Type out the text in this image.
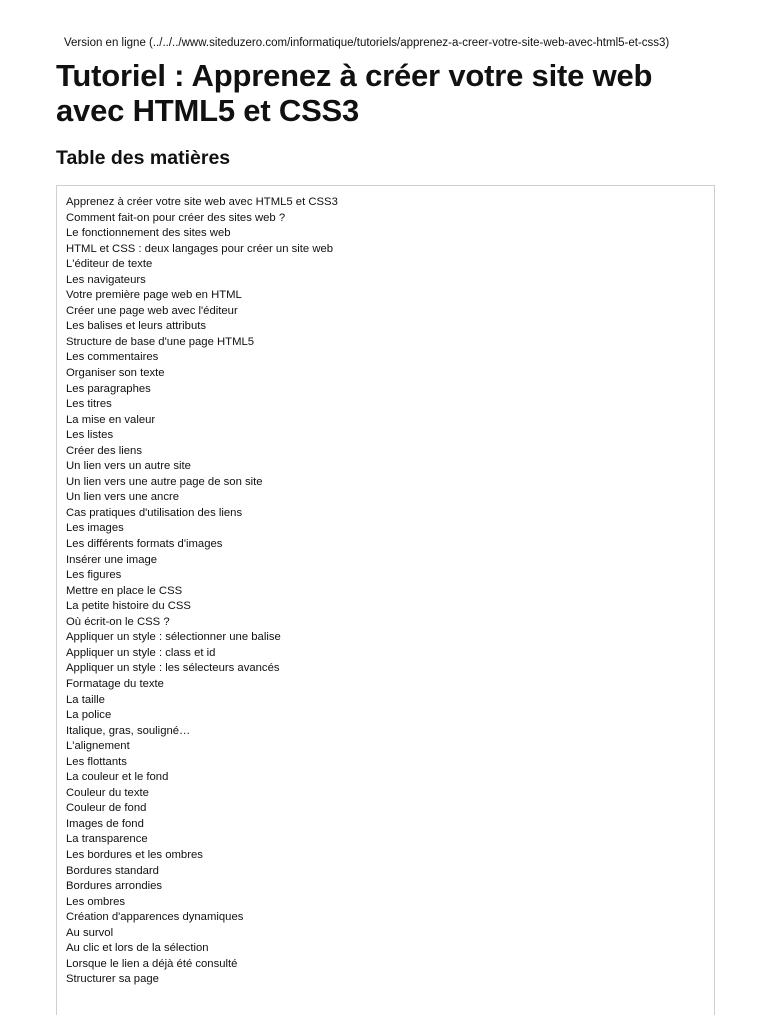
Version en ligne (../../../www.siteduzero.com/informatique/tutoriels/apprenez-a-creer-votre-site-web-avec-html5-et-css3)

Tutoriel : Apprenez à créer votre site web avec HTML5 et CSS3
Table des matières
Apprenez à créer votre site web avec HTML5 et CSS3
Comment fait-on pour créer des sites web ?
Le fonctionnement des sites web
HTML et CSS : deux langages pour créer un site web
L'éditeur de texte
Les navigateurs
Votre première page web en HTML
Créer une page web avec l'éditeur
Les balises et leurs attributs
Structure de base d'une page HTML5
Les commentaires
Organiser son texte
Les paragraphes
Les titres
La mise en valeur
Les listes
Créer des liens
Un lien vers un autre site
Un lien vers une autre page de son site
Un lien vers une ancre
Cas pratiques d'utilisation des liens
Les images
Les différents formats d'images
Insérer une image
Les figures
Mettre en place le CSS
La petite histoire du CSS
Où écrit-on le CSS ?
Appliquer un style : sélectionner une balise
Appliquer un style : class et id
Appliquer un style : les sélecteurs avancés
Formatage du texte
La taille
La police
Italique, gras, souligné…
L'alignement
Les flottants
La couleur et le fond
Couleur du texte
Couleur de fond
Images de fond
La transparence
Les bordures et les ombres
Bordures standard
Bordures arrondies
Les ombres
Création d'apparences dynamiques
Au survol
Au clic et lors de la sélection
Lorsque le lien a déjà été consulté
Structurer sa page
